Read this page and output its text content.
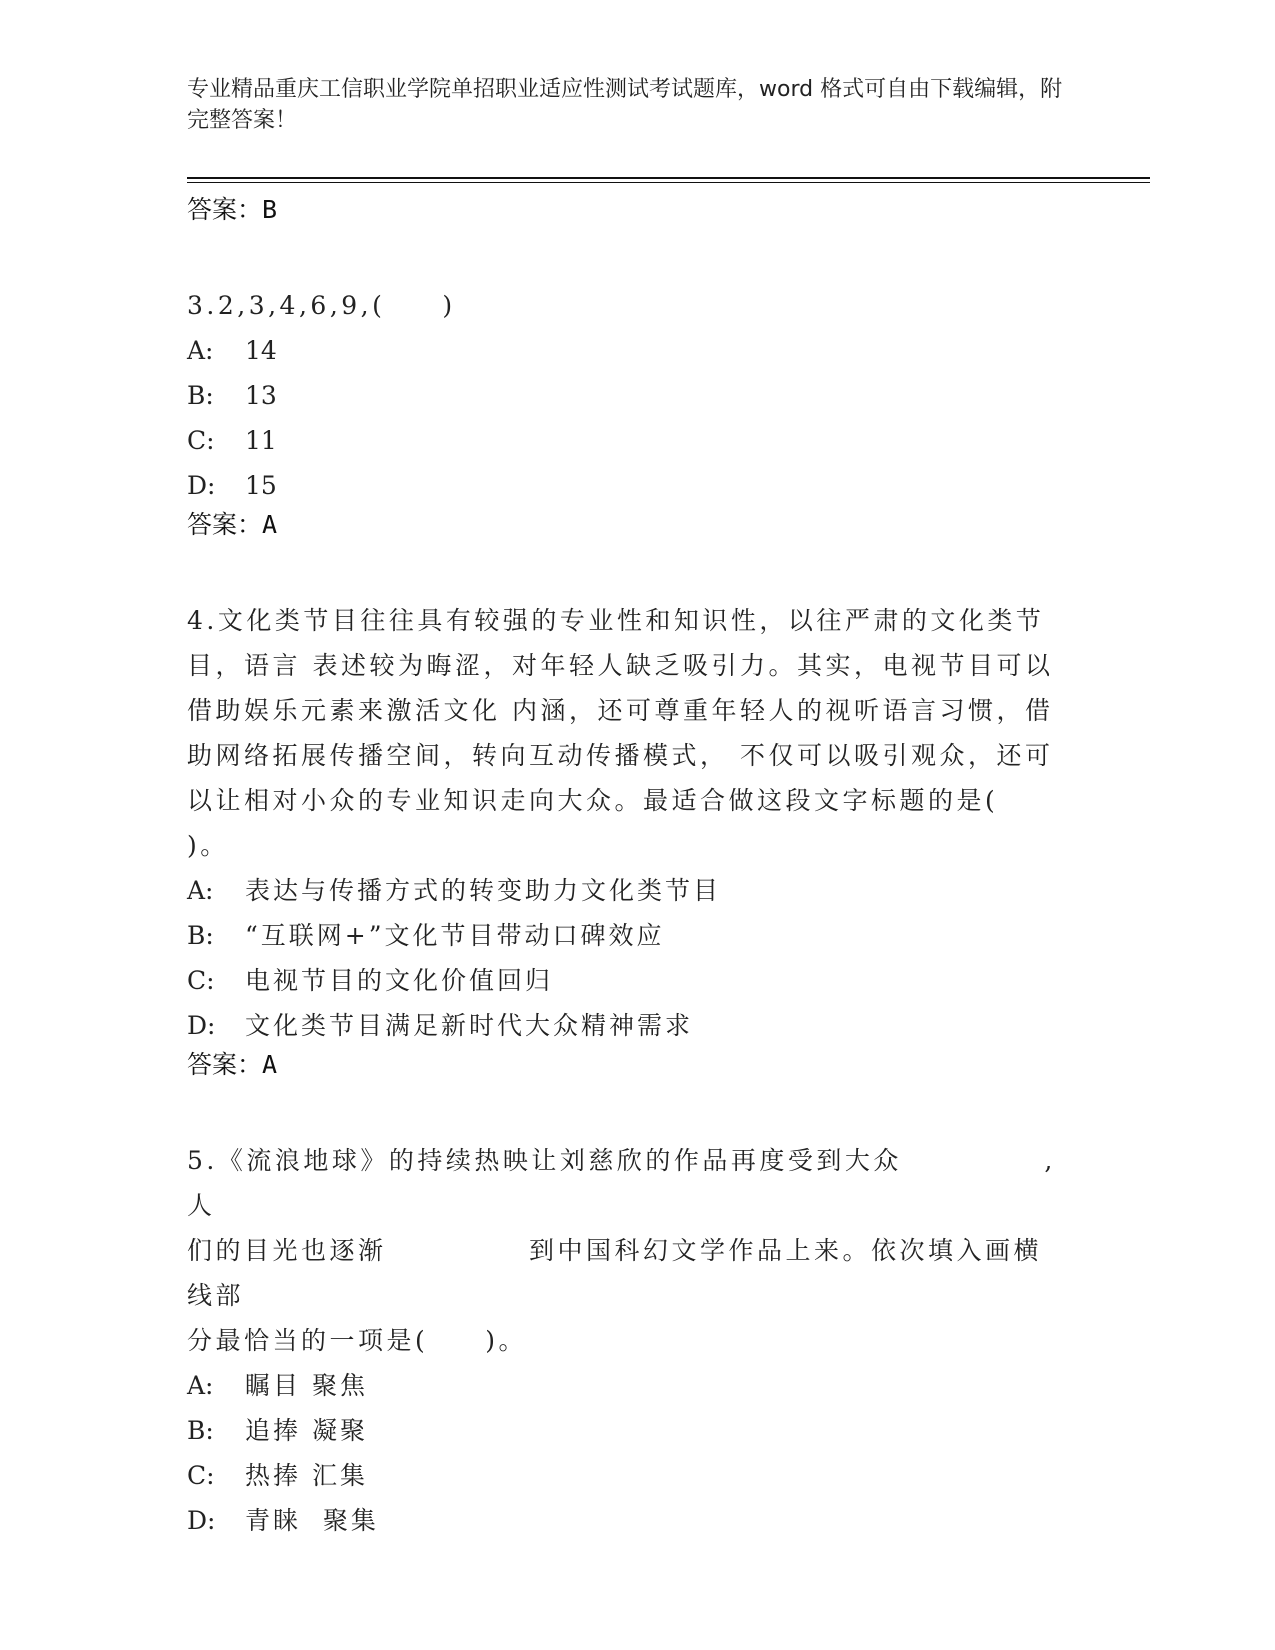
专业精品重庆工信职业学院单招职业适应性测试考试题库，word 格式可自由下载编辑，附完整答案！

答案：B

3.2,3,4,6,9,(　　)

A:	14
B:	13
C:	11
D:	15

答案：A

4.文化类节目往往具有较强的专业性和知识性，以往严肃的文化类节

目，语言 表述较为晦涩，对年轻人缺乏吸引力。其实，电视节目可以

借助娱乐元素来激活文化 内涵，还可尊重年轻人的视听语言习惯，借

助网络拓展传播空间，转向互动传播模式， 不仅可以吸引观众，还可

以让相对小众的专业知识走向大众。最适合做这段文字标题的是(

)。

A:	表达与传播方式的转变助力文化类节目
B:	“互联网+”文化节目带动口碑效应
C:	电视节目的文化价值回归
D:	文化类节目满足新时代大众精神需求

答案：A

5.《流浪地球》的持续热映让刘慈欣的作品再度受到大众　　　　　,人

们的目光也逐渐　　　　　到中国科幻文学作品上来。依次填入画横线部

分最恰当的一项是(　　)。

A:	瞩目 聚焦
B:	追捧 凝聚
C:	热捧 汇集
D:	青睐  聚集
